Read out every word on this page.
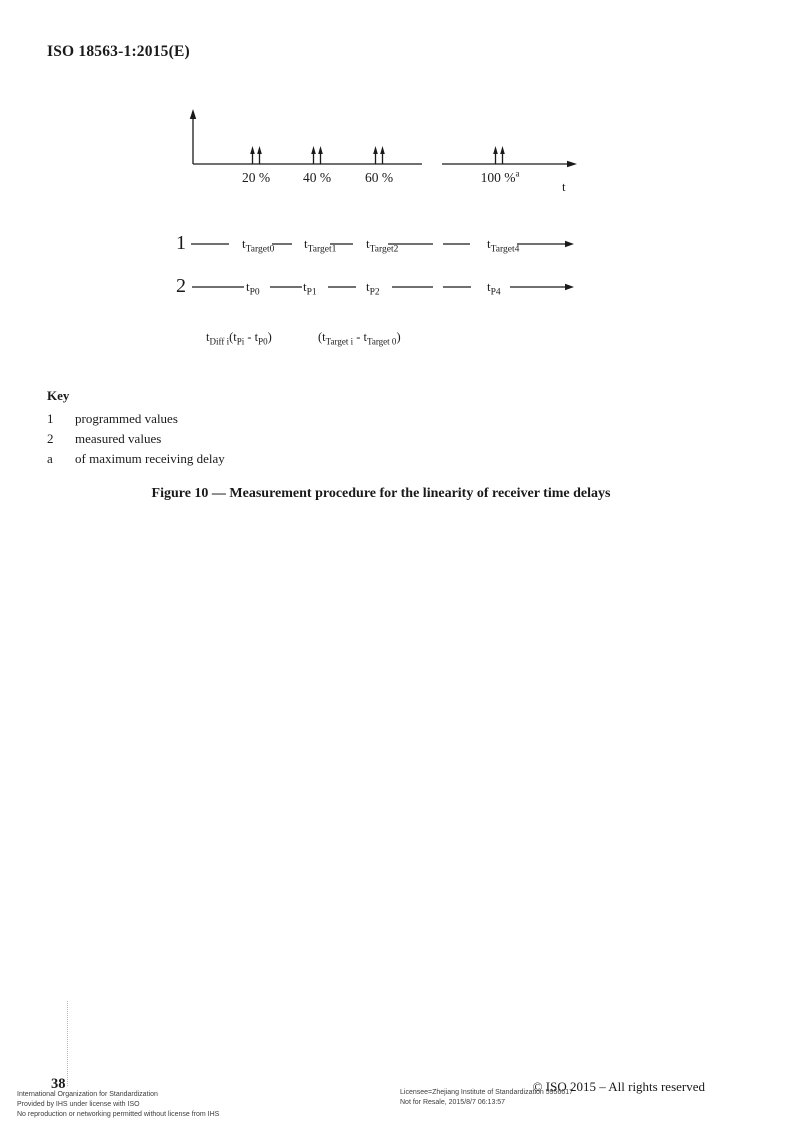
ISO 18563-1:2015(E)
20 %	40 %	60 %	100 %$^a$
t
1	$t_{Target0}$ $t_{Target1}$ $t_{Target2}$	$t_{Target4}$
2	$t_{P0}$	$t_{P1}$	$t_{P2}$	$t_{P4}$
$t_{Diff i}(t_{Pi} - t_{P0})$	$(t_{Target i} - t_{Target 0})$
Key
1 programmed values
2 measured values
a of maximum receiving delay
Figure 10 — Measurement procedure for the linearity of receiver time delays
38
International Organization for Standardization
Provided by IHS under license with ISO
No reproduction or networking permitted without license from IHS
Licensee=Zhejiang Institute of Standardization 5956617
Not for Resale, 2015/8/7 06:13:57
© ISO 2015 – All rights reserved
